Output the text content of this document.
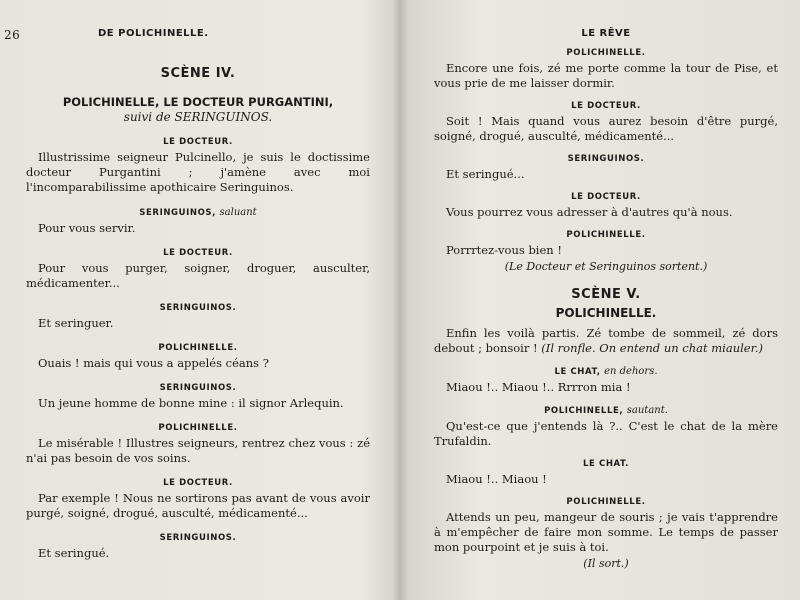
26	DE POLICHINELLE.
SCÈNE IV.
POLICHINELLE, LE DOCTEUR PURGANTINI,
suivi de SERINGUINOS.
LE DOCTEUR.

Illustrissime seigneur Pulcinello, je suis le doctissime docteur Purgantini ; j'amène avec moi l'incomparabilissime apothicaire Seringuinos.

SERINGUINOS, saluant

Pour vous servir.

LE DOCTEUR.

Pour vous purger, soigner, droguer, ausculter, médicamenter...

SERINGUINOS.

Et seringuer.

POLICHINELLE.

Ouais ! mais qui vous a appelés céans ?

SERINGUINOS.

Un jeune homme de bonne mine : il signor Arlequin.

POLICHINELLE.

Le misérable ! Illustres seigneurs, rentrez chez vous : zé n'ai pas besoin de vos soins.

LE DOCTEUR.

Par exemple ! Nous ne sortirons pas avant de vous avoir purgé, soigné, drogué, ausculté, médicamenté...

SERINGUINOS.

Et seringué.

LE RÊVE
POLICHINELLE.

Encore une fois, zé me porte comme la tour de Pise, et vous prie de me laisser dormir.

LE DOCTEUR.

Soit ! Mais quand vous aurez besoin d'être purgé, soigné, drogué, ausculté, médicamenté...

SERINGUINOS.

Et seringué...

LE DOCTEUR.

Vous pourrez vous adresser à d'autres qu'à nous.

POLICHINELLE.

Porrrtez-vous bien !

(Le Docteur et Seringuinos sortent.)

SCÈNE V.
POLICHINELLE.

Enfin les voilà partis. Zé tombe de sommeil, zé dors debout ; bonsoir ! (Il ronfle. On entend un chat miauler.)

LE CHAT, en dehors.

Miaou !.. Miaou !.. Rrrron mia !

POLICHINELLE, sautant.

Qu'est-ce que j'entends là ?.. C'est le chat de la mère Trufaldin.

LE CHAT.

Miaou !.. Miaou !

POLICHINELLE.

Attends un peu, mangeur de souris ; je vais t'apprendre à m'empêcher de faire mon somme. Le temps de passer mon pourpoint et je suis à toi.

(Il sort.)
